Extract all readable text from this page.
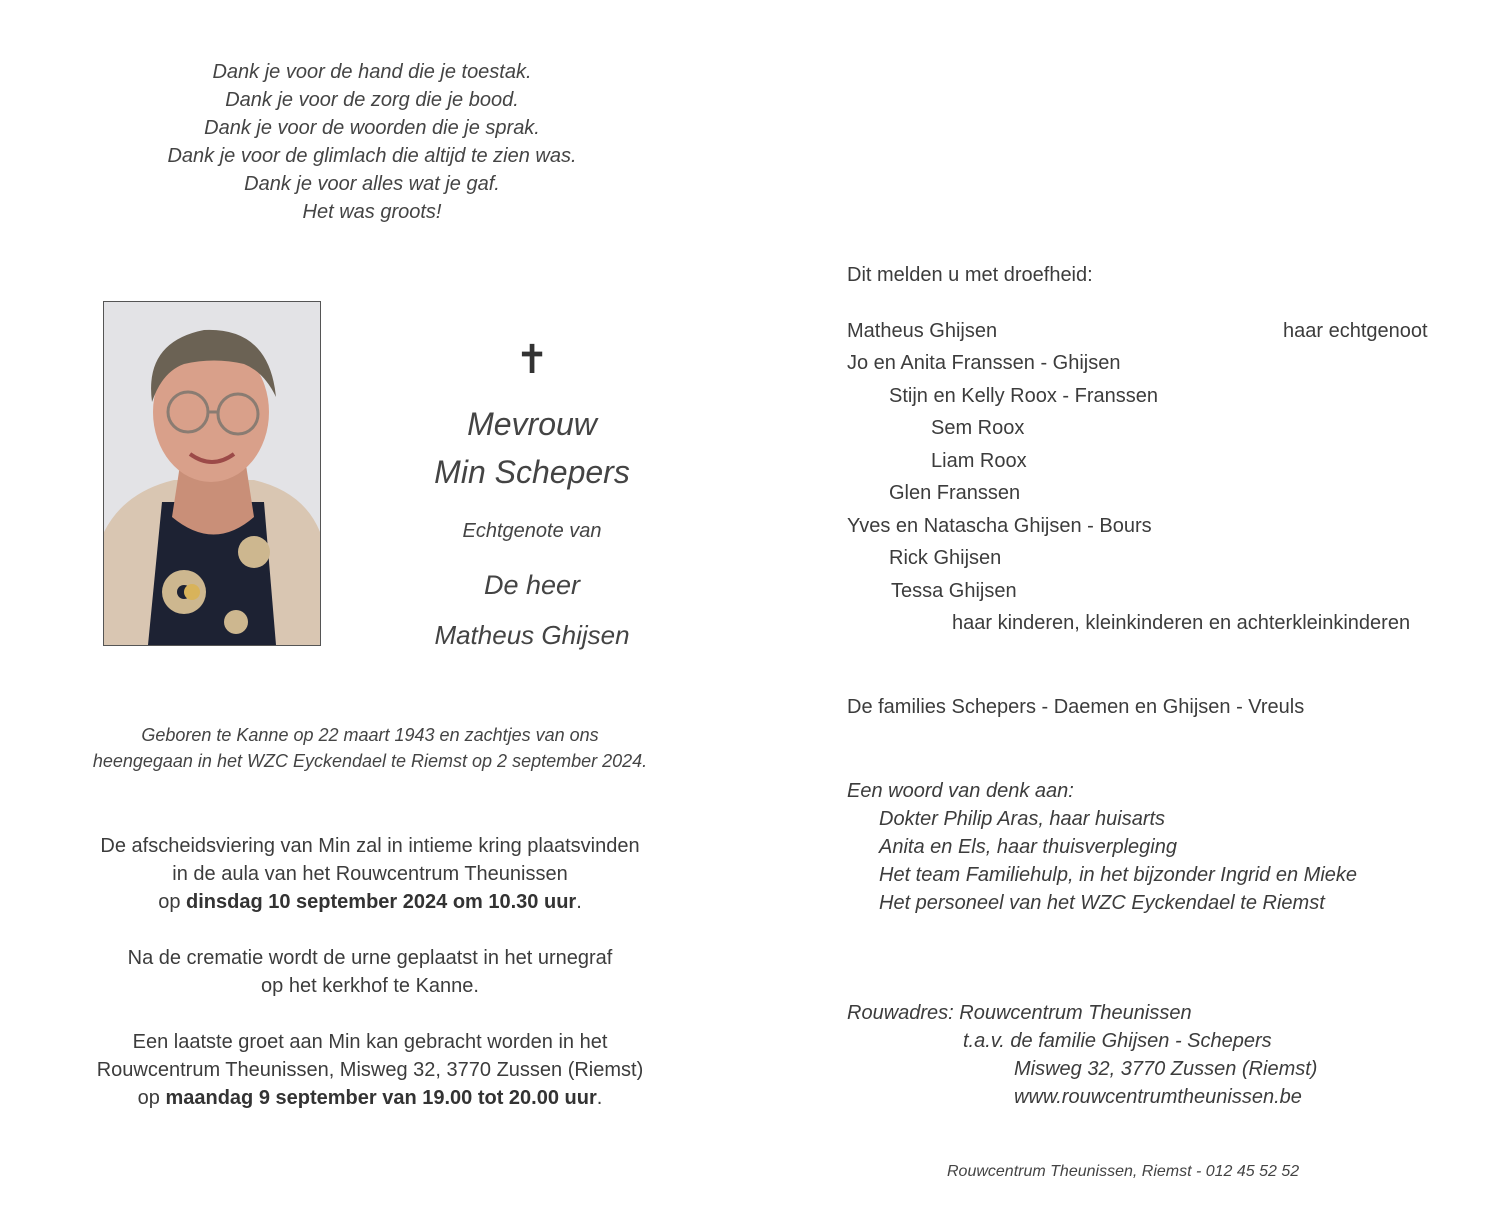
Dank je voor de hand die je toestak.
Dank je voor de zorg die je bood.
Dank je voor de woorden die je sprak.
Dank je voor de glimlach die altijd te zien was.
Dank je voor alles wat je gaf.
Het was groots!
✝
Mevrouw
Min Schepers
Echtgenote van
De heer
Matheus Ghijsen
Geboren te Kanne op 22 maart 1943 en zachtjes van ons
heengegaan in het WZC Eyckendael te Riemst op 2 september 2024.
De afscheidsviering van Min zal in intieme kring plaatsvinden
in de aula van het Rouwcentrum Theunissen
op dinsdag 10 september 2024 om 10.30 uur.
Na de crematie wordt de urne geplaatst in het urnegraf
op het kerkhof te Kanne.
Een laatste groet aan Min kan gebracht worden in het
Rouwcentrum Theunissen, Misweg 32, 3770 Zussen (Riemst)
op maandag 9 september van 19.00 tot 20.00 uur.
Dit melden u met droefheid:
Matheus Ghijsen	haar echtgenoot
Jo en Anita Franssen - Ghijsen
Stijn en Kelly Roox - Franssen
Sem Roox
Liam Roox
Glen Franssen
Yves en Natascha Ghijsen - Bours
Rick Ghijsen
Tessa Ghijsen
haar kinderen, kleinkinderen en achterkleinkinderen
De families Schepers - Daemen en Ghijsen - Vreuls
Een woord van denk aan:
Dokter Philip Aras, haar huisarts
Anita en Els, haar thuisverpleging
Het team Familiehulp, in het bijzonder Ingrid en Mieke
Het personeel van het WZC Eyckendael te Riemst
Rouwadres: Rouwcentrum Theunissen
t.a.v. de familie Ghijsen - Schepers
Misweg 32, 3770 Zussen (Riemst)
www.rouwcentrumtheunissen.be
Rouwcentrum Theunissen, Riemst - 012 45 52 52
